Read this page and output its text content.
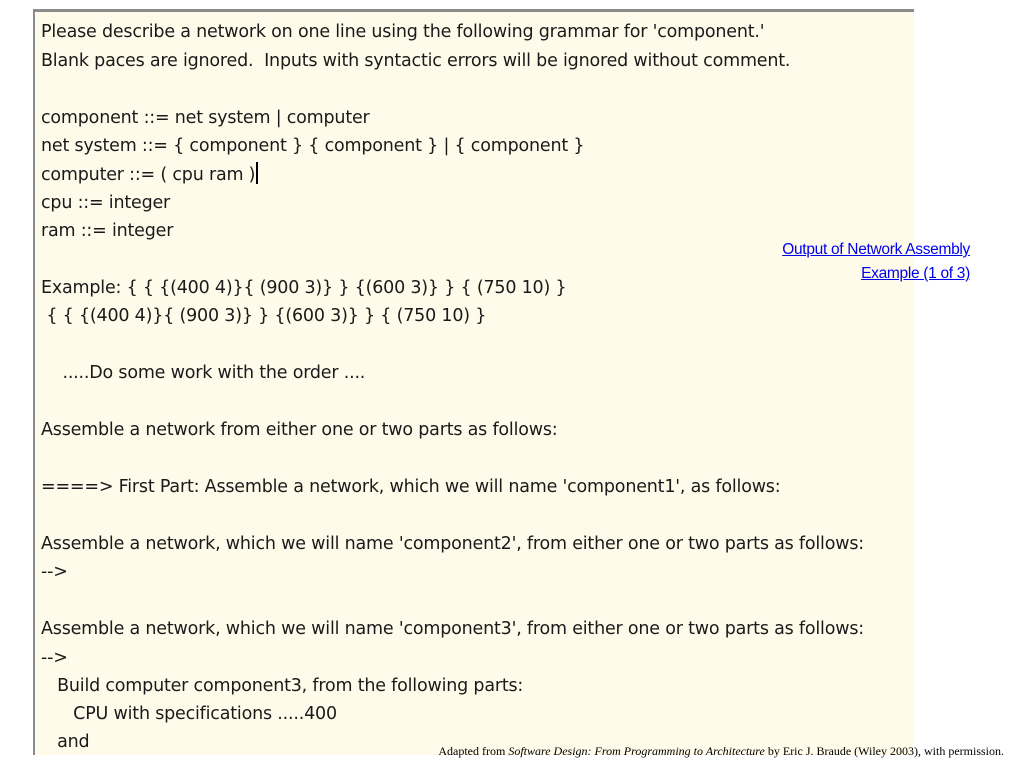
Please describe a network on one line using the following grammar for 'component.'
Blank paces are ignored.  Inputs with syntactic errors will be ignored without comment.
component ::= net system | computer
net system ::= { component } { component } | { component }
computer ::= ( cpu ram )
cpu ::= integer
ram ::= integer
Example: { { {(400 4)}{ (900 3)} } {(600 3)} } { (750 10) }
{ { {(400 4)}{ (900 3)} } {(600 3)} } { (750 10) }
.....Do some work with the order ....
Assemble a network from either one or two parts as follows:
====> First Part: Assemble a network, which we will name 'component1', as follows:
Assemble a network, which we will name 'component2', from either one or two parts as follows:
-->
Assemble a network, which we will name 'component3', from either one or two parts as follows:
-->
Build computer component3, from the following parts:
CPU with specifications .....400
and
Output of Network Assembly
Example (1 of 3)
Adapted from Software Design: From Programming to Architecture by Eric J. Braude (Wiley 2003), with permission.
